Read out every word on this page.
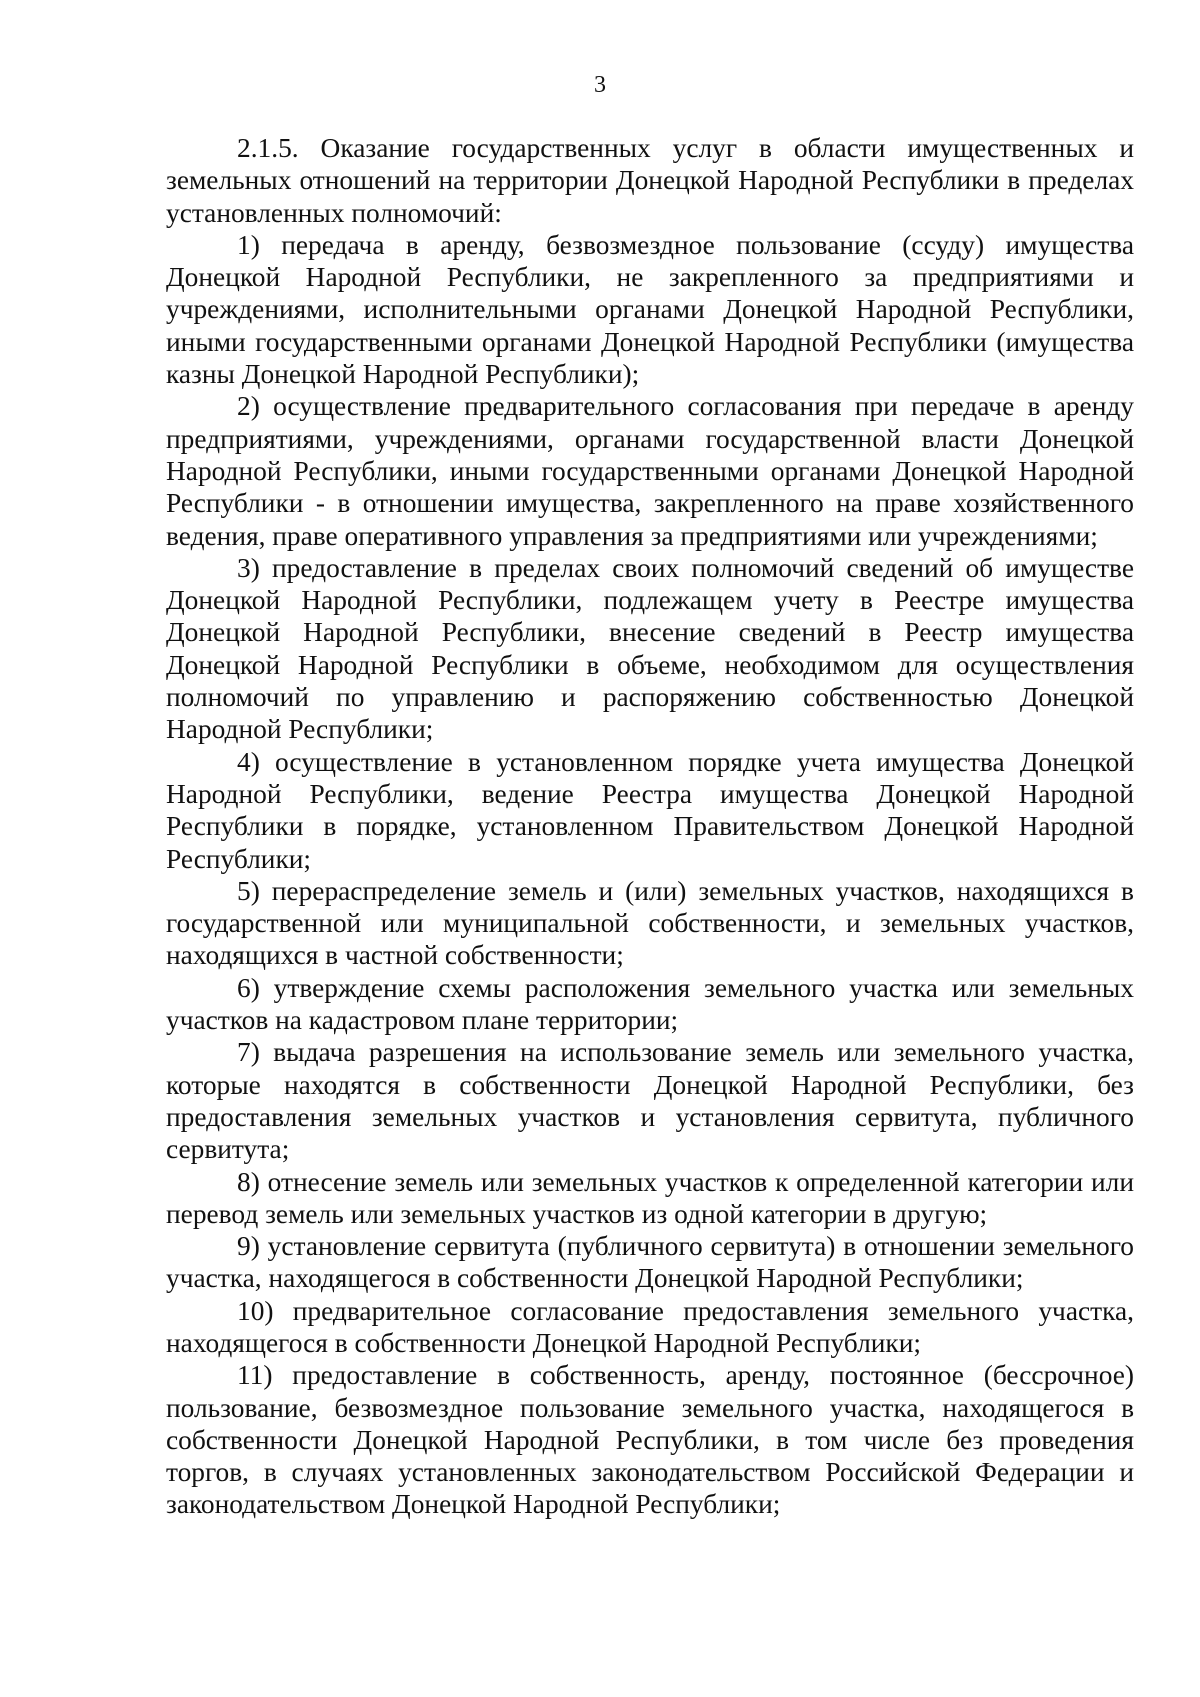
3

2.1.5. Оказание государственных услуг в области имущественных и земельных отношений на территории Донецкой Народной Республики в пределах установленных полномочий:

1) передача в аренду, безвозмездное пользование (ссуду) имущества Донецкой Народной Республики, не закрепленного за предприятиями и учреждениями, исполнительными органами Донецкой Народной Республики, иными государственными органами Донецкой Народной Республики (имущества казны Донецкой Народной Республики);

2) осуществление предварительного согласования при передаче в аренду предприятиями, учреждениями, органами государственной власти Донецкой Народной Республики, иными государственными органами Донецкой Народной Республики - в отношении имущества, закрепленного на праве хозяйственного ведения, праве оперативного управления за предприятиями или учреждениями;

3) предоставление в пределах своих полномочий сведений об имуществе Донецкой Народной Республики, подлежащем учету в Реестре имущества Донецкой Народной Республики, внесение сведений в Реестр имущества Донецкой Народной Республики в объеме, необходимом для осуществления полномочий по управлению и распоряжению собственностью Донецкой Народной Республики;

4) осуществление в установленном порядке учета имущества Донецкой Народной Республики, ведение Реестра имущества Донецкой Народной Республики в порядке, установленном Правительством Донецкой Народной Республики;

5) перераспределение земель и (или) земельных участков, находящихся в государственной или муниципальной собственности, и земельных участков, находящихся в частной собственности;

6) утверждение схемы расположения земельного участка или земельных участков на кадастровом плане территории;

7) выдача разрешения на использование земель или земельного участка, которые находятся в собственности Донецкой Народной Республики, без предоставления земельных участков и установления сервитута, публичного сервитута;

8) отнесение земель или земельных участков к определенной категории или перевод земель или земельных участков из одной категории в другую;

9) установление сервитута (публичного сервитута) в отношении земельного участка, находящегося в собственности Донецкой Народной Республики;

10) предварительное согласование предоставления земельного участка, находящегося в собственности Донецкой Народной Республики;

11) предоставление в собственность, аренду, постоянное (бессрочное) пользование, безвозмездное пользование земельного участка, находящегося в собственности Донецкой Народной Республики, в том числе без проведения торгов, в случаях установленных законодательством Российской Федерации и законодательством Донецкой Народной Республики;
